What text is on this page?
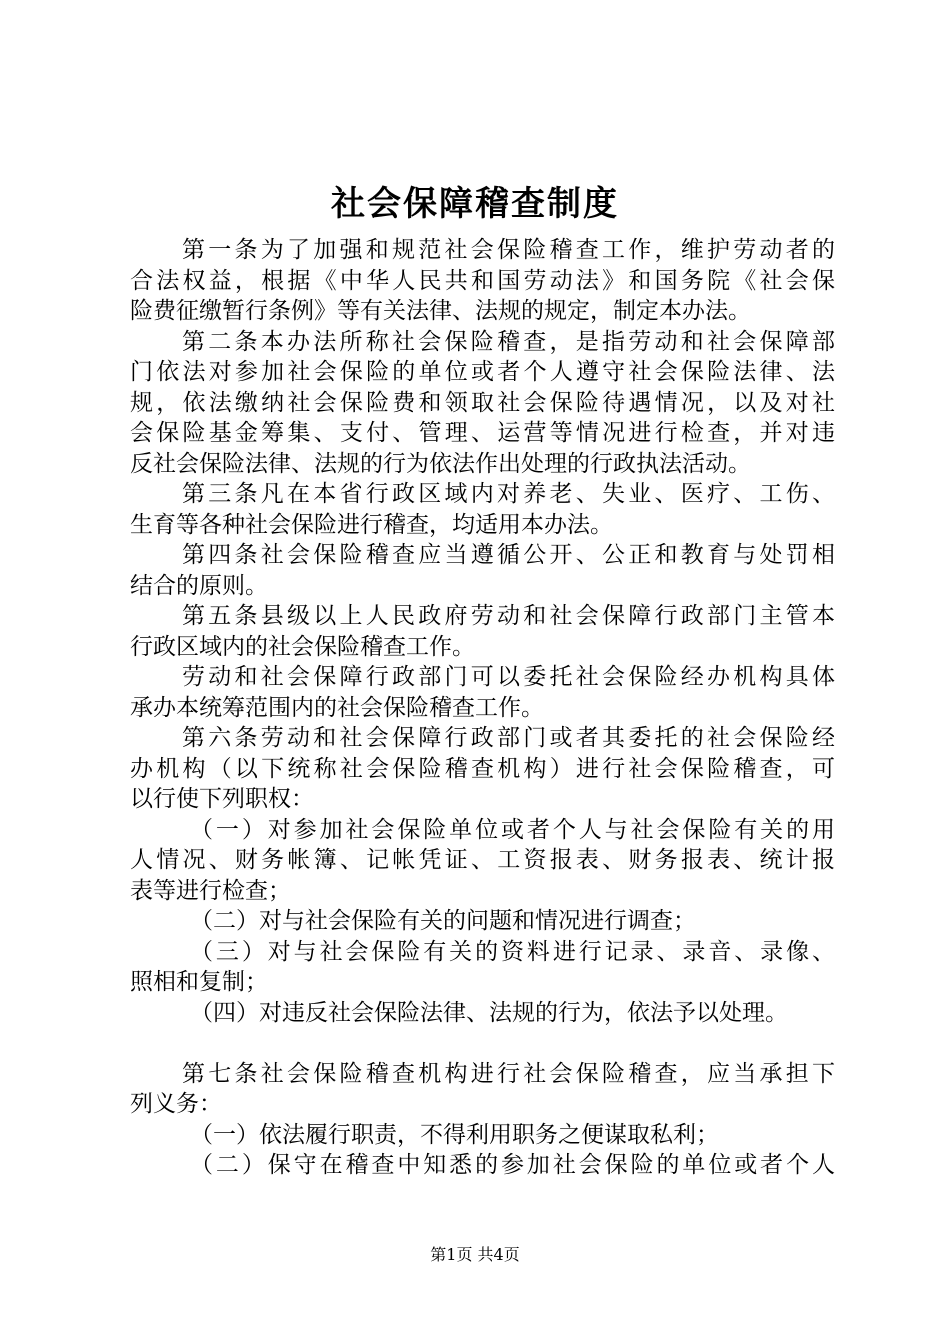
社会保障稽查制度
第一条为了加强和规范社会保险稽查工作，维护劳动者的
合法权益，根据《中华人民共和国劳动法》和国务院《社会保
险费征缴暂行条例》等有关法律、法规的规定，制定本办法。
第二条本办法所称社会保险稽查，是指劳动和社会保障部
门依法对参加社会保险的单位或者个人遵守社会保险法律、法
规，依法缴纳社会保险费和领取社会保险待遇情况，以及对社
会保险基金筹集、支付、管理、运营等情况进行检查，并对违
反社会保险法律、法规的行为依法作出处理的行政执法活动。
第三条凡在本省行政区域内对养老、失业、医疗、工伤、
生育等各种社会保险进行稽查，均适用本办法。
第四条社会保险稽查应当遵循公开、公正和教育与处罚相
结合的原则。
第五条县级以上人民政府劳动和社会保障行政部门主管本
行政区域内的社会保险稽查工作。
劳动和社会保障行政部门可以委托社会保险经办机构具体
承办本统筹范围内的社会保险稽查工作。
第六条劳动和社会保障行政部门或者其委托的社会保险经
办机构（以下统称社会保险稽查机构）进行社会保险稽查，可
以行使下列职权：
（一）对参加社会保险单位或者个人与社会保险有关的用
人情况、财务帐簿、记帐凭证、工资报表、财务报表、统计报
表等进行检查；
（二）对与社会保险有关的问题和情况进行调查；
（三）对与社会保险有关的资料进行记录、录音、录像、
照相和复制；
（四）对违反社会保险法律、法规的行为，依法予以处理。
第七条社会保险稽查机构进行社会保险稽查，应当承担下
列义务：
（一）依法履行职责，不得利用职务之便谋取私利；
（二）保守在稽查中知悉的参加社会保险的单位或者个人
第1页 共4页
